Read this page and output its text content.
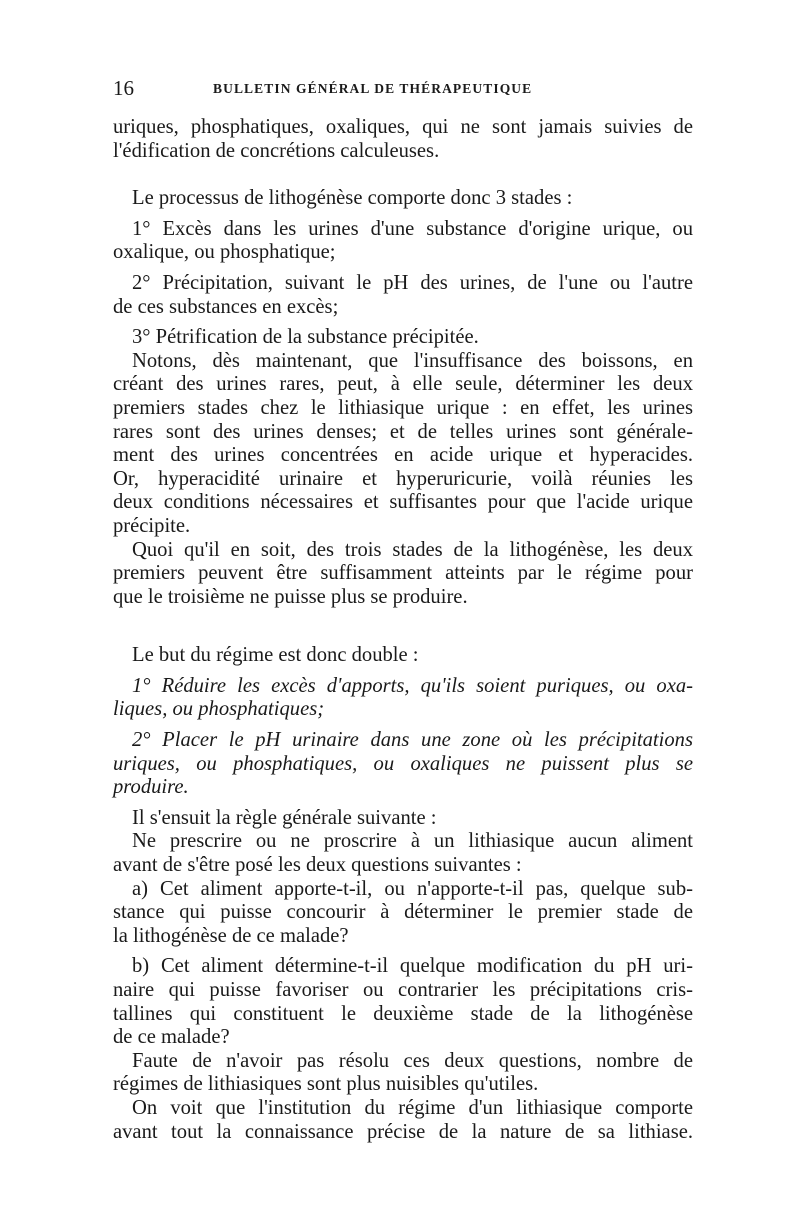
16	BULLETIN GÉNÉRAL DE THÉRAPEUTIQUE

uriques, phosphatiques, oxaliques, qui ne sont jamais suivies de
l'édification de concrétions calculeuses.

Le processus de lithogénèse comporte donc 3 stades :

1° Excès dans les urines d'une substance d'origine urique, ou
oxalique, ou phosphatique;

2° Précipitation, suivant le pH des urines, de l'une ou l'autre
de ces substances en excès;

3° Pétrification de la substance précipitée.

Notons, dès maintenant, que l'insuffisance des boissons, en
créant des urines rares, peut, à elle seule, déterminer les deux
premiers stades chez le lithiasique urique : en effet, les urines
rares sont des urines denses; et de telles urines sont générale-
ment des urines concentrées en acide urique et hyperacides.
Or, hyperacidité urinaire et hyperuricurie, voilà réunies les
deux conditions nécessaires et suffisantes pour que l'acide urique
précipite.

Quoi qu'il en soit, des trois stades de la lithogénèse, les deux
premiers peuvent être suffisamment atteints par le régime pour
que le troisième ne puisse plus se produire.

Le but du régime est donc double :

1° Réduire les excès d'apports, qu'ils soient puriques, ou oxa-
liques, ou phosphatiques;

2° Placer le pH urinaire dans une zone où les précipitations
uriques, ou phosphatiques, ou oxaliques ne puissent plus se
produire.

Il s'ensuit la règle générale suivante :

Ne prescrire ou ne proscrire à un lithiasique aucun aliment
avant de s'être posé les deux questions suivantes :

a) Cet aliment apporte-t-il, ou n'apporte-t-il pas, quelque sub-
stance qui puisse concourir à déterminer le premier stade de
la lithogénèse de ce malade?

b) Cet aliment détermine-t-il quelque modification du pH uri-
naire qui puisse favoriser ou contrarier les précipitations cris-
tallines qui constituent le deuxième stade de la lithogénèse
de ce malade?

Faute de n'avoir pas résolu ces deux questions, nombre de
régimes de lithiasiques sont plus nuisibles qu'utiles.

On voit que l'institution du régime d'un lithiasique comporte
avant tout la connaissance précise de la nature de sa lithiase.
